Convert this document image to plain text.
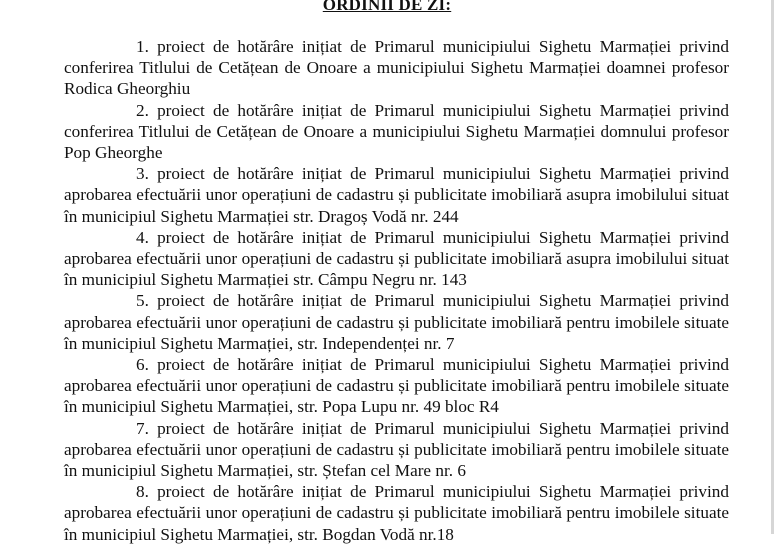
ORDINII DE ZI:

1. proiect de hotărâre inițiat de Primarul municipiului Sighetu Marmației privind conferirea Titlului de Cetățean de Onoare a municipiului Sighetu Marmației doamnei profesor Rodica Gheorghiu

2. proiect de hotărâre inițiat de Primarul municipiului Sighetu Marmației privind conferirea Titlului de Cetățean de Onoare a municipiului Sighetu Marmației domnului profesor Pop Gheorghe

3. proiect de hotărâre inițiat de Primarul municipiului Sighetu Marmației privind aprobarea efectuării unor operațiuni de cadastru și publicitate imobiliară asupra imobilului situat în municipiul Sighetu Marmației str. Dragoș Vodă nr. 244

4. proiect de hotărâre inițiat de Primarul municipiului Sighetu Marmației privind aprobarea efectuării unor operațiuni de cadastru și publicitate imobiliară asupra imobilului situat în municipiul Sighetu Marmației str. Câmpu Negru nr. 143

5. proiect de hotărâre inițiat de Primarul municipiului Sighetu Marmației privind aprobarea efectuării unor operațiuni de cadastru și publicitate imobiliară pentru imobilele situate în municipiul Sighetu Marmației, str. Independenței nr. 7

6. proiect de hotărâre inițiat de Primarul municipiului Sighetu Marmației privind aprobarea efectuării unor operațiuni de cadastru și publicitate imobiliară pentru imobilele situate în municipiul Sighetu Marmației, str. Popa Lupu nr. 49 bloc R4

7. proiect de hotărâre inițiat de Primarul municipiului Sighetu Marmației privind aprobarea efectuării unor operațiuni de cadastru și publicitate imobiliară pentru imobilele situate în municipiul Sighetu Marmației, str. Ștefan cel Mare nr. 6

8. proiect de hotărâre inițiat de Primarul municipiului Sighetu Marmației privind aprobarea efectuării unor operațiuni de cadastru și publicitate imobiliară pentru imobilele situate în municipiul Sighetu Marmației, str. Bogdan Vodă nr.18
